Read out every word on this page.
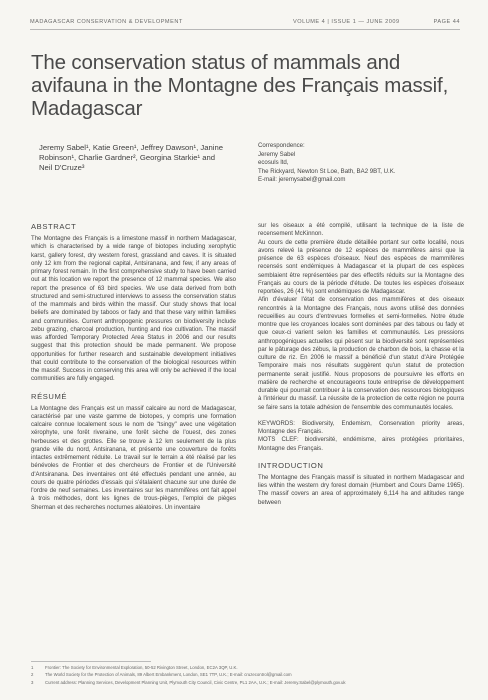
MADAGASCAR CONSERVATION & DEVELOPMENT	VOLUME 4 | ISSUE 1 — JUNE 2009	PAGE 44
The conservation status of mammals and avifauna in the Montagne des Français massif, Madagascar
Jeremy Sabel¹, Katie Green¹, Jeffrey Dawson¹, Janine
Robinson¹, Charlie Gardner², Georgina Starkie¹ and
Neil D'Cruze³
Correspondence:
Jeremy Sabel
ecosuls ltd,
The Rickyard, Newton St Loe, Bath, BA2 9BT, U.K.
E-mail: jeremysabel@gmail.com
ABSTRACT

The Montagne des Français is a limestone massif in northern Madagascar, which is characterised by a wide range of biotopes including xerophytic karst, gallery forest, dry western forest, grassland and caves. It is situated only 12 km from the regional capital, Antsiranana, and few, if any areas of primary forest remain. In the first comprehensive study to have been carried out at this location we report the presence of 12 mammal species. We also report the presence of 63 bird species. We use data derived from both structured and semi-structured interviews to assess the conservation status of the mammals and birds within the massif. Our study shows that local beliefs are dominated by taboos or fady and that these vary within families and communities. Current anthropogenic pressures on biodiversity include zebu grazing, charcoal production, hunting and rice cultivation. The massif was afforded Temporary Protected Area Status in 2006 and our results suggest that this protection should be made permanent. We propose opportunities for further research and sustainable development initiatives that could contribute to the conservation of the biological resources within the massif. Success in conserving this area will only be achieved if the local communities are fully engaged.

RÉSUMÉ

La Montagne des Français est un massif calcaire au nord de Madagascar, caractérisé par une vaste gamme de biotopes, y compris une formation calcaire connue localement sous le nom de "tsingy" avec une végétation xérophyte, une forêt riveraine, une forêt sèche de l'ouest, des zones herbeuses et des grottes. Elle se trouve à 12 km seulement de la plus grande ville du nord, Antsiranana, et présente une couverture de forêts intactes extrêmement réduite. Le travail sur le terrain a été réalisé par les bénévoles de Frontier et des chercheurs de Frontier et de l'Université d'Antsiranana. Des inventaires ont été effectués pendant une année, au cours de quatre périodes d'essais qui s'étalaient chacune sur une durée de l'ordre de neuf semaines. Les inventaires sur les mammifères ont fait appel à trois méthodes, dont les lignes de trous-pièges, l'emploi de pièges Sherman et des recherches nocturnes aléatoires. Un inventaire

sur les oiseaux a été compilé, utilisant la technique de la liste de recensement McKinnon.

Au cours de cette première étude détaillée portant sur cette localité, nous avons relevé la présence de 12 espèces de mammifères ainsi que la présence de 63 espèces d'oiseaux. Neuf des espèces de mammifères recensés sont endémiques à Madagascar et la plupart de ces espèces semblaient être représentées par des effectifs réduits sur la Montagne des Français au cours de la période d'étude. De toutes les espèces d'oiseaux reportées, 26 (41 %) sont endémiques de Madagascar.

Afin d'évaluer l'état de conservation des mammifères et des oiseaux rencontrés à la Montagne des Français, nous avons utilisé des données recueillies au cours d'entrevues formelles et semi-formelles. Notre étude montre que les croyances locales sont dominées par des tabous ou fady et que ceux-ci varient selon les familles et communautés. Les pressions anthropogéniques actuelles qui pèsent sur la biodiversité sont représentées par le pâturage des zébus, la production de charbon de bois, la chasse et la culture de riz. En 2006 le massif a bénéficié d'un statut d'Aire Protégée Temporaire mais nos résultats suggèrent qu'un statut de protection permanente serait justifié. Nous proposons de poursuivre les efforts en matière de recherche et encourageons toute entreprise de développement durable qui pourrait contribuer à la conservation des ressources biologiques à l'intérieur du massif. La réussite de la protection de cette région ne pourra se faire sans la totale adhésion de l'ensemble des communautés locales.

KEYWORDS: Biodiversity, Endemism, Conservation priority areas, Montagne des Français.

MOTS CLEF: biodiversité, endémisme, aires protégées prioritaires, Montagne des Français.

INTRODUCTION

The Montagne des Français massif is situated in northern Madagascar and lies within the western dry forest domain (Humbert and Cours Darne 1965). The massif covers an area of approximately 6,114 ha and altitudes range between

1	Frontier: The Society for Environmental Exploration, 50-52 Rivington Street, London, EC2A 3QP, U.K.
2	The World Society for the Protection of Animals, 89 Albert Embankment, London, SE1 7TP, U.K.; E-mail: cruzecontrol@gmail.com
3	Current address: Planning Services, Development Planning Unit, Plymouth City Council, Civic Centre, PL1 2AA, U.K.; E-mail: Jeremy.Sabel@plymouth.gov.uk
